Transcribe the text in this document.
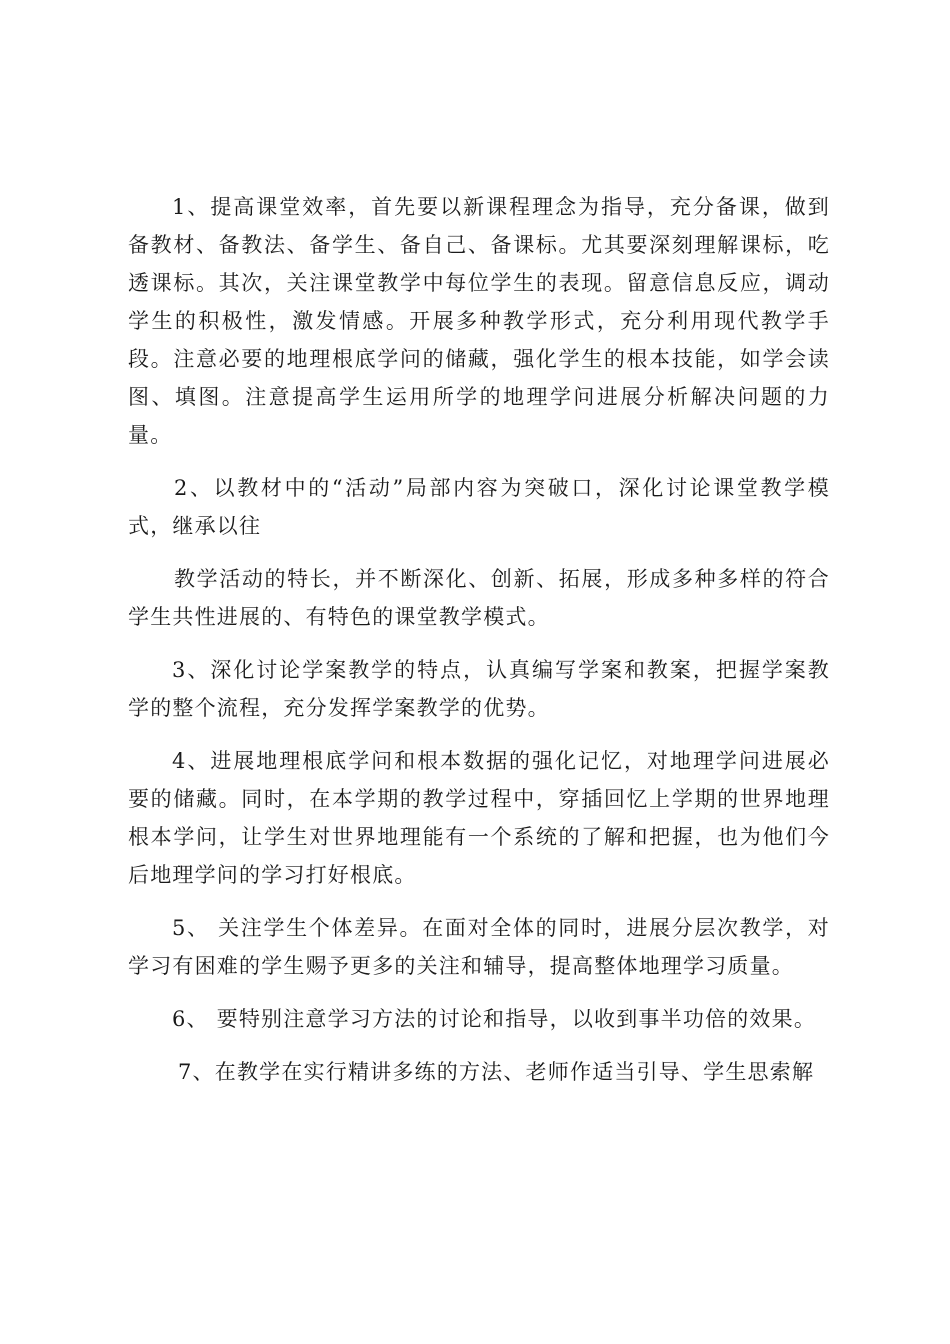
1、提高课堂效率，首先要以新课程理念为指导，充分备课，做到备教材、备教法、备学生、备自己、备课标。尤其要深刻理解课标，吃透课标。其次，关注课堂教学中每位学生的表现。留意信息反应，调动学生的积极性，激发情感。开展多种教学形式，充分利用现代教学手段。注意必要的地理根底学问的储藏，强化学生的根本技能，如学会读图、填图。注意提高学生运用所学的地理学问进展分析解决问题的力量。

2、以教材中的“活动”局部内容为突破口，深化讨论课堂教学模式，继承以往

教学活动的特长，并不断深化、创新、拓展，形成多种多样的符合学生共性进展的、有特色的课堂教学模式。

3、深化讨论学案教学的特点，认真编写学案和教案，把握学案教学的整个流程，充分发挥学案教学的优势。

4、进展地理根底学问和根本数据的强化记忆，对地理学问进展必要的储藏。同时，在本学期的教学过程中，穿插回忆上学期的世界地理根本学问，让学生对世界地理能有一个系统的了解和把握，也为他们今后地理学问的学习打好根底。

5、 关注学生个体差异。在面对全体的同时，进展分层次教学，对学习有困难的学生赐予更多的关注和辅导，提高整体地理学习质量。

6、 要特别注意学习方法的讨论和指导，以收到事半功倍的效果。

7、在教学在实行精讲多练的方法、老师作适当引导、学生思索解
